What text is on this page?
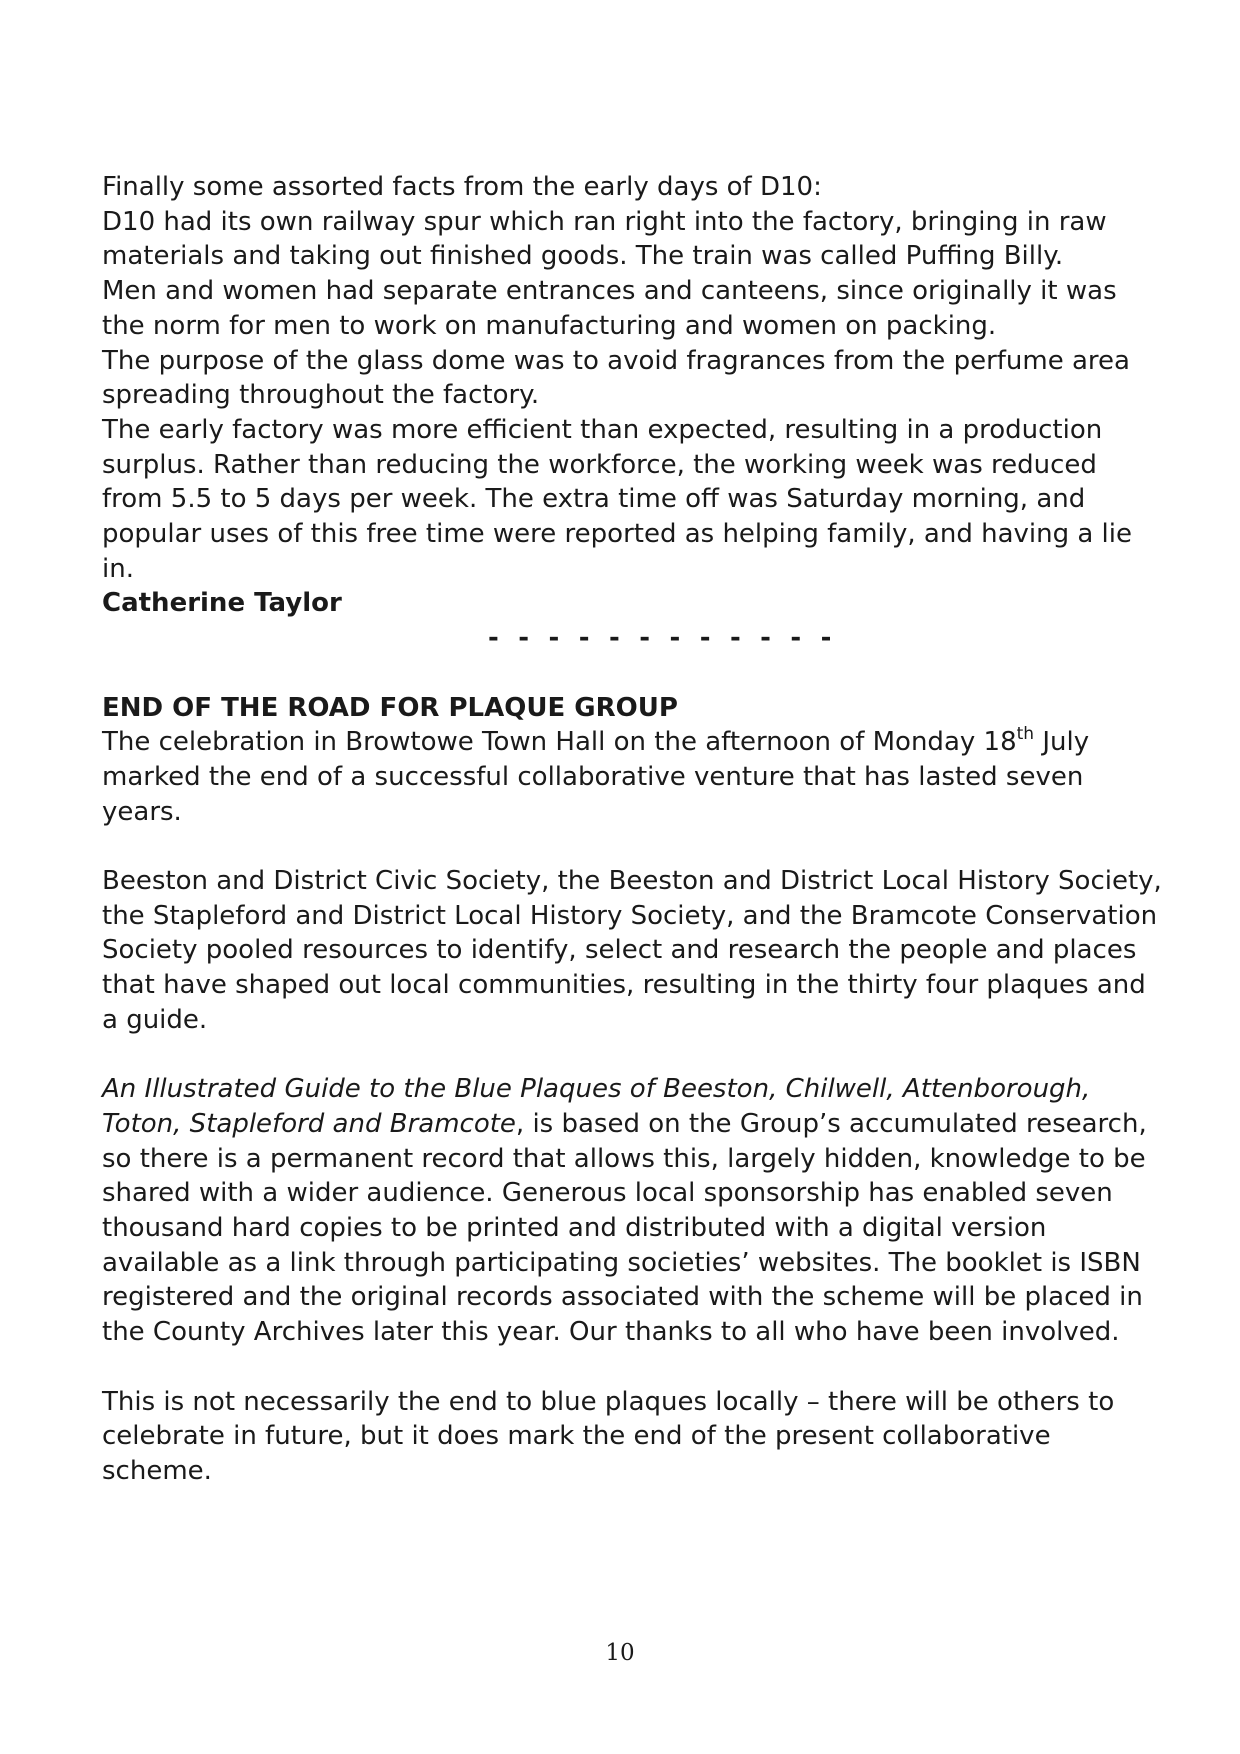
Finally some assorted facts from the early days of D10:

D10 had its own railway spur which ran right into the factory, bringing in raw materials and taking out finished goods. The train was called Puffing Billy.

Men and women had separate entrances and canteens, since originally it was the norm for men to work on manufacturing and women on packing.

The purpose of the glass dome was to avoid fragrances from the perfume area spreading throughout the factory.

The early factory was more efficient than expected, resulting in a production surplus. Rather than reducing the workforce, the working week was reduced from 5.5 to 5 days per week. The extra time off was Saturday morning, and popular uses of this free time were reported as helping family, and having a lie in.

Catherine Taylor

- - - - - - - - - - - -

END OF THE ROAD FOR PLAQUE GROUP

The celebration in Browtowe Town Hall on the afternoon of Monday 18th July marked the end of a successful collaborative venture that has lasted seven years.

Beeston and District Civic Society, the Beeston and District Local History Society, the Stapleford and District Local History Society, and the Bramcote Conservation Society pooled resources to identify, select and research the people and places that have shaped out local communities, resulting in the thirty four plaques and a guide.

An Illustrated Guide to the Blue Plaques of Beeston, Chilwell, Attenborough, Toton, Stapleford and Bramcote, is based on the Group’s accumulated research, so there is a permanent record that allows this, largely hidden, knowledge to be shared with a wider audience. Generous local sponsorship has enabled seven thousand hard copies to be printed and distributed with a digital version available as a link through participating societies’ websites. The booklet is ISBN registered and the original records associated with the scheme will be placed in the County Archives later this year. Our thanks to all who have been involved.

This is not necessarily the end to blue plaques locally – there will be others to celebrate in future, but it does mark the end of the present collaborative scheme.

10
